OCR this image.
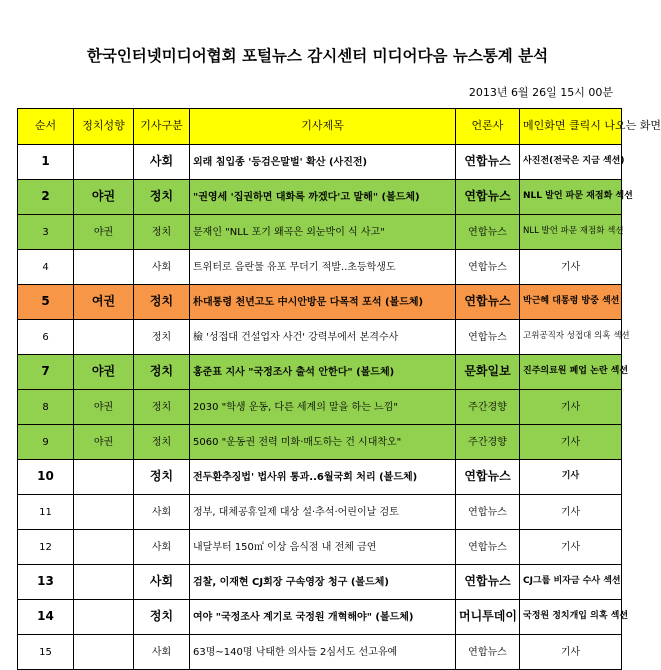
한국인터넷미디어협회 포털뉴스 감시센터 미디어다음 뉴스통계 분석
2013년 6월 26일 15시 00분
순서	정치성향	기사구분	기사제목	언론사	메인화면 클릭시 나오는 화면
1		사회	외래 침입종 '등검은말벌' 확산 (사진전)	연합뉴스	사진전(전국은 지금 섹션)
2	야권	정치	"권영세 '집권하면 대화록 까겠다'고 말해" (볼드체)	연합뉴스	NLL 발언 파문 재점화 섹션
3	야권	정치	문재인 "NLL 포기 왜곡은 외눈박이 식 사고"	연합뉴스	NLL 발언 파문 재점화 섹션
4		사회	트위터로 음란물 유포 무더기 적발..초등학생도	연합뉴스	기사
5	여권	정치	朴대통령 천년고도 中시안방문 다목적 포석 (볼드체)	연합뉴스	박근혜 대통령 방중 섹션
6		정치	檢 '성접대 건설업자 사건' 강력부에서 본격수사	연합뉴스	고위공직자 성접대 의혹 섹션
7	야권	정치	홍준표 지사 "국정조사 출석 안한다" (볼드체)	문화일보	진주의료원 폐업 논란 섹션
8	야권	정치	2030 "학생 운동, 다른 세계의 말을 하는 느낌"	주간경향	기사
9	야권	정치	5060 "운동권 전력 미화·매도하는 건 시대착오"	주간경향	기사
10		정치	전두환추징법' 법사위 통과..6월국회 처리 (볼드체)	연합뉴스	기사
11		사회	정부, 대체공휴일제 대상 설·추석·어린이날 검토	연합뉴스	기사
12		사회	내달부터 150㎡ 이상 음식점 내 전체 금연	연합뉴스	기사
13		사회	검찰, 이재현 CJ회장 구속영장 청구 (볼드체)	연합뉴스	CJ그룹 비자금 수사 섹션
14		정치	여야 "국정조사 계기로 국정원 개혁해야" (볼드체)	머니투데이	국정원 정치개입 의혹 섹션
15		사회	63명~140명 낙태한 의사들 2심서도 선고유예	연합뉴스	기사
